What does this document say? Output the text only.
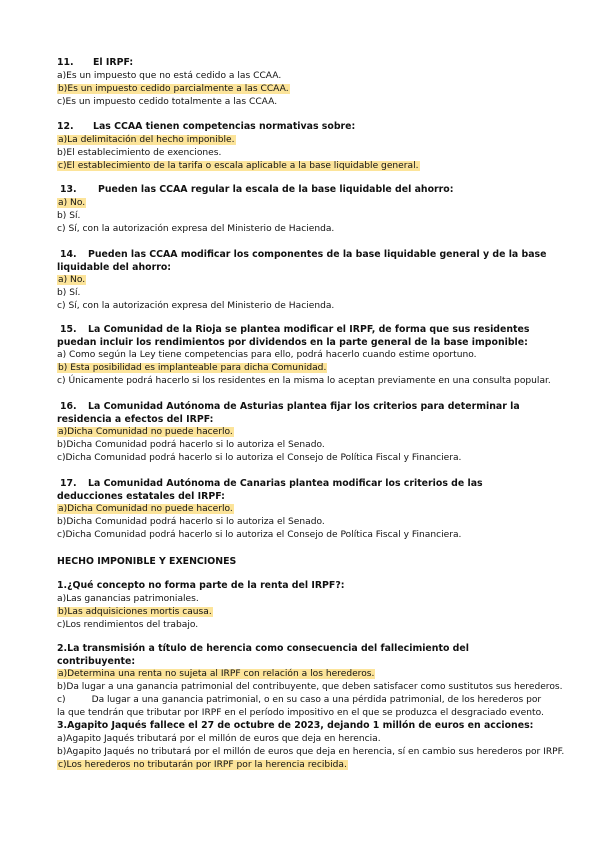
11. El IRPF:

a)Es un impuesto que no está cedido a las CCAA.

b)Es un impuesto cedido parcialmente a las CCAA.

c)Es un impuesto cedido totalmente a las CCAA.

12. Las CCAA tienen competencias normativas sobre:

a)La delimitación del hecho imponible.

b)El establecimiento de exenciones.

c)El establecimiento de la tarifa o escala aplicable a la base liquidable general.

13. Pueden las CCAA regular la escala de la base liquidable del ahorro:

a) No.

b) Sí.

c) Sí, con la autorización expresa del Ministerio de Hacienda.

14. Pueden las CCAA modificar los componentes de la base liquidable general y de la base liquidable del ahorro:

a) No.

b) Sí.

c) Sí, con la autorización expresa del Ministerio de Hacienda.

15. La Comunidad de la Rioja se plantea modificar el IRPF, de forma que sus residentes puedan incluir los rendimientos por dividendos en la parte general de la base imponible:

a) Como según la Ley tiene competencias para ello, podrá hacerlo cuando estime oportuno.

b) Esta posibilidad es implanteable para dicha Comunidad.

c) Únicamente podrá hacerlo si los residentes en la misma lo aceptan previamente en una consulta popular.

16. La Comunidad Autónoma de Asturias plantea fijar los criterios para determinar la residencia a efectos del IRPF:

a)Dicha Comunidad no puede hacerlo.

b)Dicha Comunidad podrá hacerlo si lo autoriza el Senado.

c)Dicha Comunidad podrá hacerlo si lo autoriza el Consejo de Política Fiscal y Financiera.

17. La Comunidad Autónoma de Canarias plantea modificar los criterios de las deducciones estatales del IRPF:

a)Dicha Comunidad no puede hacerlo.

b)Dicha Comunidad podrá hacerlo si lo autoriza el Senado.

c)Dicha Comunidad podrá hacerlo si lo autoriza el Consejo de Política Fiscal y Financiera.

HECHO IMPONIBLE Y EXENCIONES

1.¿Qué concepto no forma parte de la renta del IRPF?:

a)Las ganancias patrimoniales.

b)Las adquisiciones mortis causa.

c)Los rendimientos del trabajo.

2.La transmisión a título de herencia como consecuencia del fallecimiento del contribuyente:

a)Determina una renta no sujeta al IRPF con relación a los herederos.

b)Da lugar a una ganancia patrimonial del contribuyente, que deben satisfacer como sustitutos sus herederos.

c)         Da lugar a una ganancia patrimonial, o en su caso a una pérdida patrimonial, de los herederos por la que tendrán que tributar por IRPF en el período impositivo en el que se produzca el desgraciado evento.

3.Agapito Jaqués fallece el 27 de octubre de 2023, dejando 1 millón de euros en acciones:

a)Agapito Jaqués tributará por el millón de euros que deja en herencia.

b)Agapito Jaqués no tributará por el millón de euros que deja en herencia, sí en cambio sus herederos por IRPF.

c)Los herederos no tributarán por IRPF por la herencia recibida.
